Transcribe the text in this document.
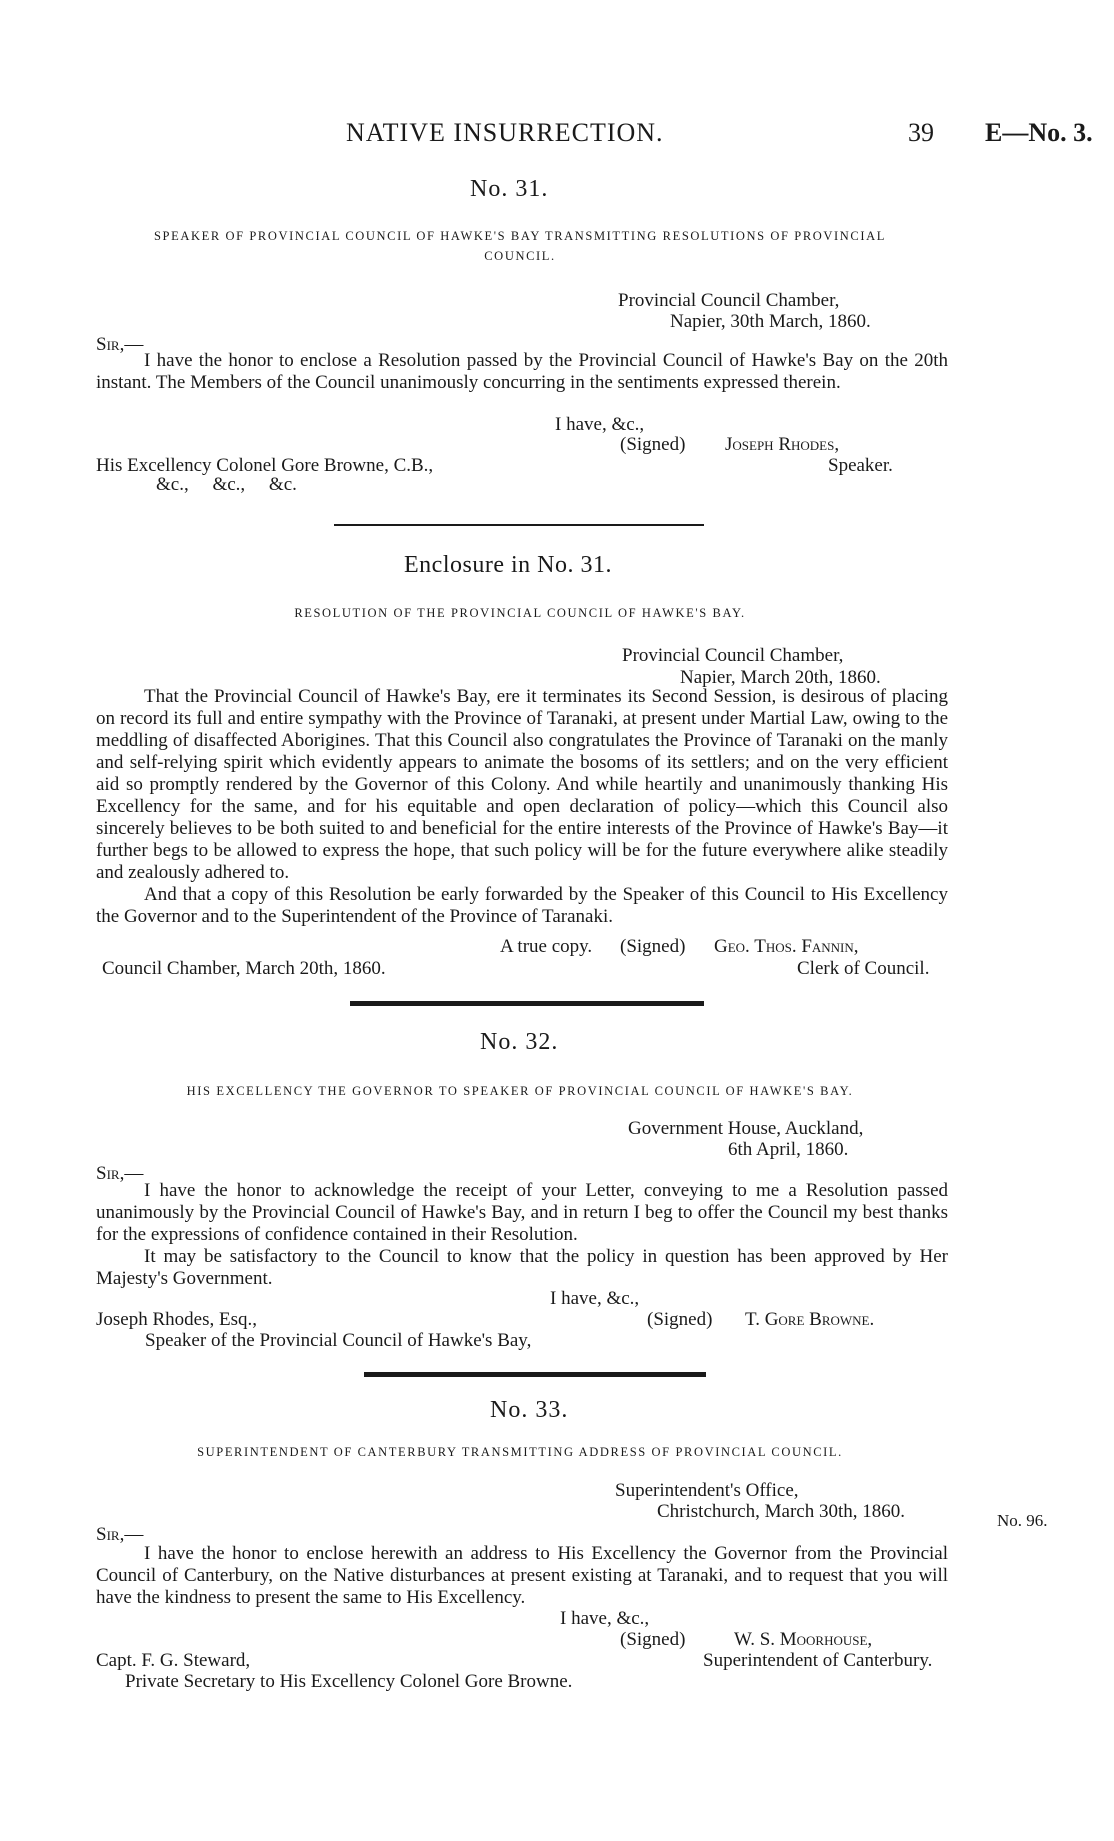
NATIVE INSURRECTION.	39 E—No. 3.
No. 31.
SPEAKER OF PROVINCIAL COUNCIL OF HAWKE'S BAY TRANSMITTING RESOLUTIONS OF PROVINCIAL
COUNCIL.
Provincial Council Chamber,
Napier, 30th March, 1860.
Sir,—

I have the honor to enclose a Resolution passed by the Provincial Council of Hawke's Bay on the 20th instant. The Members of the Council unanimously concurring in the sentiments expressed therein.

I have, &c.,
(Signed) Joseph Rhodes,
His Excellency Colonel Gore Browne, C.B.,	Speaker.
&c.,     &c.,     &c.
Enclosure in No. 31.
RESOLUTION OF THE PROVINCIAL COUNCIL OF HAWKE'S BAY.
Provincial Council Chamber,
Napier, March 20th, 1860.

That the Provincial Council of Hawke's Bay, ere it terminates its Second Session, is desirous of placing on record its full and entire sympathy with the Province of Taranaki, at present under Martial Law, owing to the meddling of disaffected Aborigines. That this Council also congratulates the Province of Taranaki on the manly and self-relying spirit which evidently appears to animate the bosoms of its settlers; and on the very efficient aid so promptly rendered by the Governor of this Colony. And while heartily and unanimously thanking His Excellency for the same, and for his equitable and open declaration of policy—which this Council also sincerely believes to be both suited to and beneficial for the entire interests of the Province of Hawke's Bay—it further begs to be allowed to express the hope, that such policy will be for the future everywhere alike steadily and zealously adhered to.

And that a copy of this Resolution be early forwarded by the Speaker of this Council to His Excellency the Governor and to the Superintendent of the Province of Taranaki.

A true copy. (Signed) Geo. Thos. Fannin,
Council Chamber, March 20th, 1860.	Clerk of Council.
No. 32.
HIS EXCELLENCY THE GOVERNOR TO SPEAKER OF PROVINCIAL COUNCIL OF HAWKE'S BAY.
Government House, Auckland,
6th April, 1860.
Sir,—

I have the honor to acknowledge the receipt of your Letter, conveying to me a Resolution passed unanimously by the Provincial Council of Hawke's Bay, and in return I beg to offer the Council my best thanks for the expressions of confidence contained in their Resolution.

It may be satisfactory to the Council to know that the policy in question has been approved by Her Majesty's Government.

I have, &c.,
Joseph Rhodes, Esq.,	(Signed) T. Gore Browne.
Speaker of the Provincial Council of Hawke's Bay,
No. 33.
SUPERINTENDENT OF CANTERBURY TRANSMITTING ADDRESS OF PROVINCIAL COUNCIL.
Superintendent's Office,
Christchurch, March 30th, 1860.	No. 96.
Sir,—

I have the honor to enclose herewith an address to His Excellency the Governor from the Provincial Council of Canterbury, on the Native disturbances at present existing at Taranaki, and to request that you will have the kindness to present the same to His Excellency.

I have, &c.,
(Signed)	W. S. Moorhouse,
Capt. F. G. Steward,	Superintendent of Canterbury.
Private Secretary to His Excellency Colonel Gore Browne.
